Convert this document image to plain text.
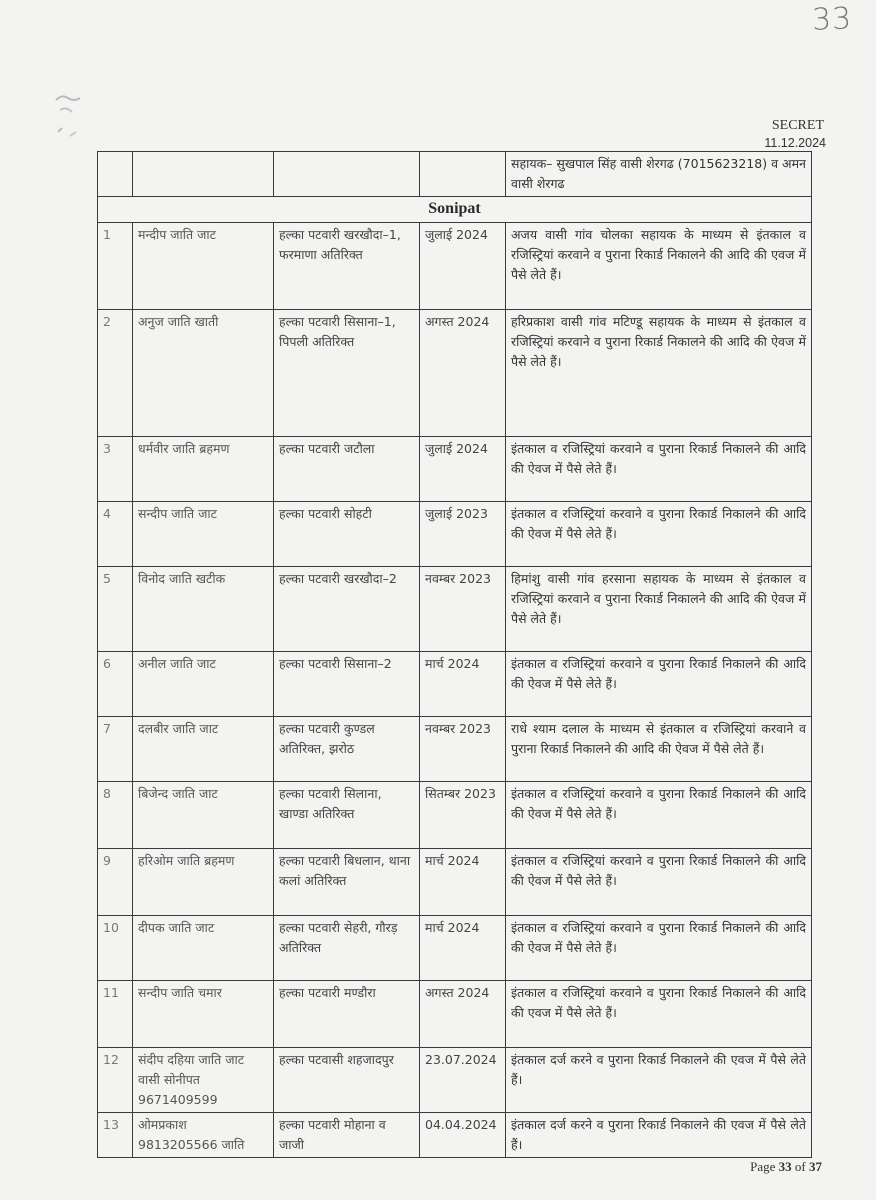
33
SECRET
11.12.2024
				सहायक– सुखपाल सिंह वासी शेरगढ (7015623218) व अमन वासी शेरगढ
Sonipat				
1	मन्दीप जाति जाट	हल्का पटवारी खरखौदा–1, फरमाणा अतिरिक्त	जुलाई 2024	अजय वासी गांव चोलका सहायक के माध्यम से इंतकाल व रजिस्ट्रियां करवाने व पुराना रिकार्ड निकालने की आदि की एवज में पैसे लेते हैं।
2	अनुज जाति खाती	हल्का पटवारी सिसाना–1, पिपली अतिरिक्त	अगस्त 2024	हरिप्रकाश वासी गांव मटिण्डू सहायक के माध्यम से इंतकाल व रजिस्ट्रियां करवाने व पुराना रिकार्ड निकालने की आदि की ऐवज में पैसे लेते हैं।
3	धर्मवीर जाति ब्रहमण	हल्का पटवारी जटौला	जुलाई 2024	इंतकाल व रजिस्ट्रियां करवाने व पुराना रिकार्ड निकालने की आदि की ऐवज में पैसे लेते हैं।
4	सन्दीप जाति जाट	हल्का पटवारी सोहटी	जुलाई 2023	इंतकाल व रजिस्ट्रियां करवाने व पुराना रिकार्ड निकालने की आदि की ऐवज में पैसे लेते हैं।
5	विनोद जाति खटीक	हल्का पटवारी खरखौदा–2	नवम्बर 2023	हिमांशु वासी गांव हरसाना सहायक के माध्यम से इंतकाल व रजिस्ट्रियां करवाने व पुराना रिकार्ड निकालने की आदि की ऐवज में पैसे लेते हैं।
6	अनील जाति जाट	हल्का पटवारी सिसाना–2	मार्च 2024	इंतकाल व रजिस्ट्रियां करवाने व पुराना रिकार्ड निकालने की आदि की ऐवज में पैसे लेते हैं।
7	दलबीर जाति जाट	हल्का पटवारी कुण्डल अतिरिक्त, झरोठ	नवम्बर 2023	राधे श्याम दलाल के माध्यम से इंतकाल व रजिस्ट्रियां करवाने व पुराना रिकार्ड निकालने की आदि की ऐवज में पैसे लेते हैं।
8	बिजेन्द जाति जाट	हल्का पटवारी सिलाना, खाण्डा अतिरिक्त	सितम्बर 2023	इंतकाल व रजिस्ट्रियां करवाने व पुराना रिकार्ड निकालने की आदि की ऐवज में पैसे लेते हैं।
9	हरिओम जाति ब्रहमण	हल्का पटवारी बिधलान, थाना कलां अतिरिक्त	मार्च 2024	इंतकाल व रजिस्ट्रियां करवाने व पुराना रिकार्ड निकालने की आदि की ऐवज में पैसे लेते हैं।
10	दीपक जाति जाट	हल्का पटवारी सेहरी, गौरड़ अतिरिक्त	मार्च 2024	इंतकाल व रजिस्ट्रियां करवाने व पुराना रिकार्ड निकालने की आदि की ऐवज में पैसे लेते हैं।
11	सन्दीप जाति चमार	हल्का पटवारी मण्डौरा	अगस्त 2024	इंतकाल व रजिस्ट्रियां करवाने व पुराना रिकार्ड निकालने की आदि की एवज में पैसे लेते हैं।
12	संदीप दहिया जाति जाट वासी सोनीपत 9671409599	हल्का पटवासी शहजादपुर	23.07.2024	इंतकाल दर्ज करने व पुराना रिकार्ड निकालने की एवज में पैसे लेते हैं।
13	ओमप्रकाश 9813205566 जाति	हल्का पटवारी मोहाना व जाजी	04.04.2024	इंतकाल दर्ज करने व पुराना रिकार्ड निकालने की एवज में पैसे लेते हैं।
Page 33 of 37
